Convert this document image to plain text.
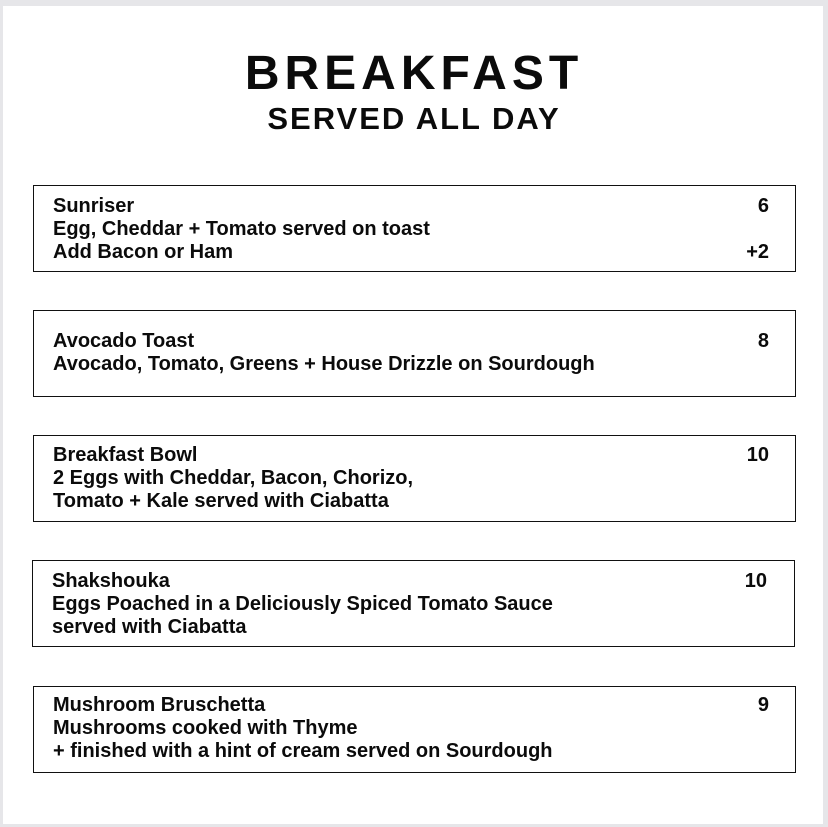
BREAKFAST
SERVED ALL DAY
Sunriser	6
Egg, Cheddar + Tomato served on toast
Add Bacon or Ham	+2
Avocado Toast	8
Avocado, Tomato, Greens + House Drizzle on Sourdough
Breakfast Bowl	10
2 Eggs with Cheddar, Bacon, Chorizo,
Tomato + Kale served with Ciabatta
Shakshouka	10
Eggs Poached in a Deliciously Spiced Tomato Sauce
served with Ciabatta
Mushroom Bruschetta	9
Mushrooms cooked with Thyme
+ finished with a hint of cream served on Sourdough
